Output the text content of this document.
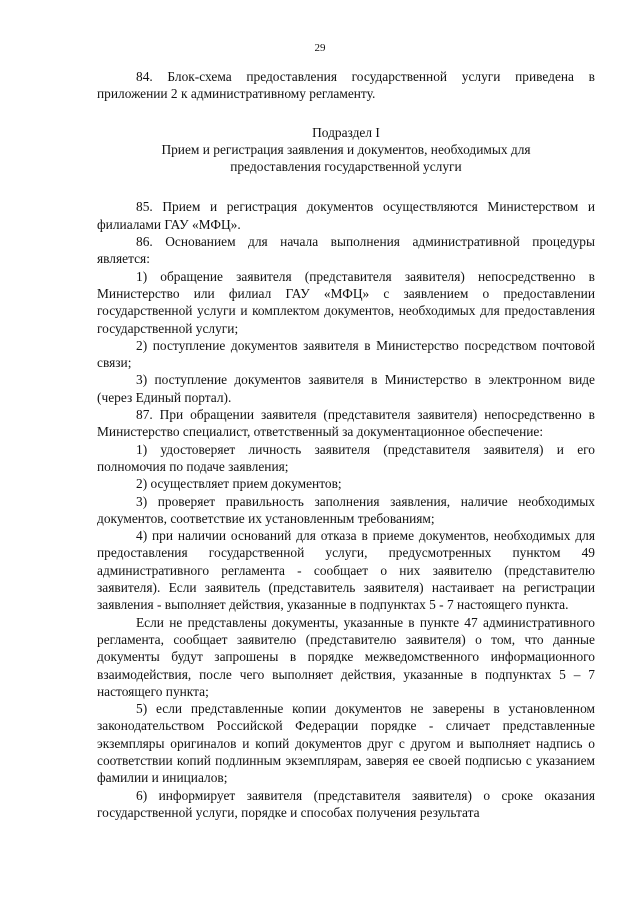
29

84. Блок-схема предоставления государственной услуги приведена в приложении 2 к административному регламенту.

Подраздел I
Прием и регистрация заявления и документов, необходимых для
предоставления государственной услуги

85. Прием и регистрация документов осуществляются Министерством и филиалами ГАУ «МФЦ».

86. Основанием для начала выполнения административной процедуры является:

1) обращение заявителя (представителя заявителя) непосредственно в Министерство или филиал ГАУ «МФЦ» с заявлением о предоставлении государственной услуги и комплектом документов, необходимых для предоставления государственной услуги;

2) поступление документов заявителя в Министерство посредством почтовой связи;

3) поступление документов заявителя в Министерство в электронном виде (через Единый портал).

87. При обращении заявителя (представителя заявителя) непосредственно в Министерство специалист, ответственный за документационное обеспечение:

1) удостоверяет личность заявителя (представителя заявителя) и его полномочия по подаче заявления;

2) осуществляет прием документов;

3) проверяет правильность заполнения заявления, наличие необходимых документов, соответствие их установленным требованиям;

4) при наличии оснований для отказа в приеме документов, необходимых для предоставления государственной услуги, предусмотренных пунктом 49 административного регламента - сообщает о них заявителю (представителю заявителя). Если заявитель (представитель заявителя) настаивает на регистрации заявления - выполняет действия, указанные в подпунктах 5 - 7 настоящего пункта.

Если не представлены документы, указанные в пункте 47 административного регламента, сообщает заявителю (представителю заявителя) о том, что данные документы будут запрошены в порядке межведомственного информационного взаимодействия, после чего выполняет действия, указанные в подпунктах 5 – 7 настоящего пункта;

5) если представленные копии документов не заверены в установленном законодательством Российской Федерации порядке - сличает представленные экземпляры оригиналов и копий документов друг с другом и выполняет надпись о соответствии копий подлинным экземплярам, заверяя ее своей подписью с указанием фамилии и инициалов;

6) информирует заявителя (представителя заявителя) о сроке оказания государственной услуги, порядке и способах получения результата
